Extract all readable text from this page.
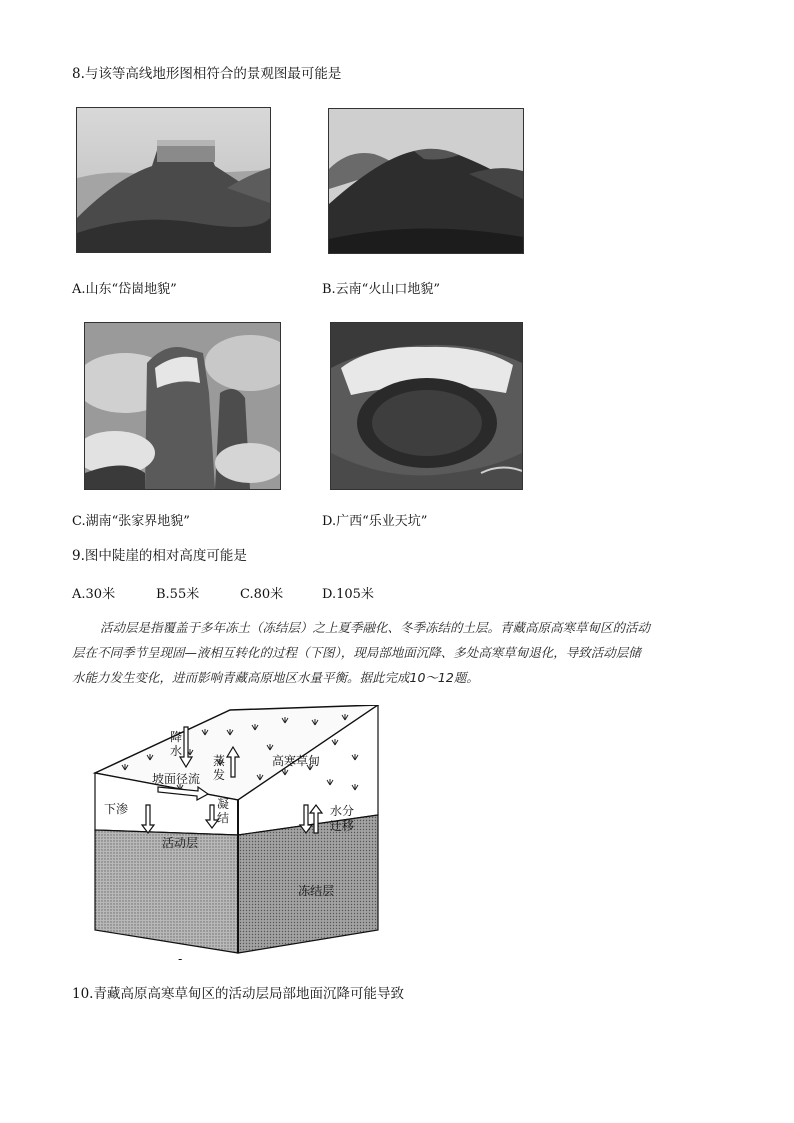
8.与该等高线地形图相符合的景观图最可能是
A.山东“岱崮地貌”	B.云南“火山口地貌”
C.湖南“张家界地貌”	D.广西“乐业天坑”
9.图中陡崖的相对高度可能是
A.30米	B.55米	C.80米	D.105米
活动层是指覆盖于多年冻土（冻结层）之上夏季融化、冬季冻结的土层。青藏高原高寒草甸区的活动
层在不同季节呈现固—液相互转化的过程（下图），现局部地面沉降、多处高寒草甸退化，导致活动层储
水能力发生变化，进而影响青藏高原地区水量平衡。据此完成10～12题。
降
水
坡面径流
蒸
发
凝
结
高寒草甸
下渗	水分
迁移
活动层
冻结层
-
10.青藏高原高寒草甸区的活动层局部地面沉降可能导致
